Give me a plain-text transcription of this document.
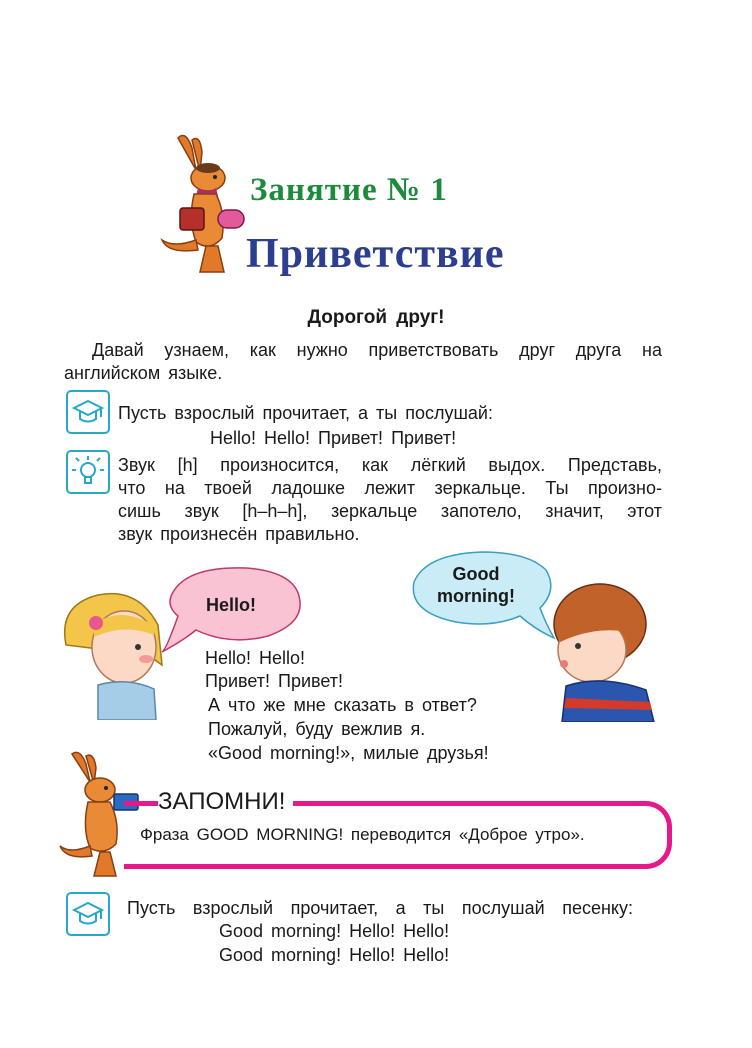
Занятие № 1
Приветствие
Дорогой друг!
Давай узнаем, как нужно приветствовать друг друга на
английском языке.
Пусть взрослый прочитает, а ты послушай:
Hello! Hello! Привет! Привет!
Звук [h] произносится, как лёгкий выдох. Представь,
что на твоей ладошке лежит зеркальце. Ты произно-
сишь звук [h–h–h], зеркальце запотело, значит, этот
звук произнесён правильно.
Hello!
Good
morning!
Hello! Hello!
Привет! Привет!
А что же мне сказать в ответ?
Пожалуй, буду вежлив я.
«Good morning!», милые друзья!
ЗАПОМНИ!
Фраза GOOD MORNING! переводится «Доброе утро».
Пусть взрослый прочитает, а ты послушай песенку:
Good morning! Hello! Hello!
Good morning! Hello! Hello!
